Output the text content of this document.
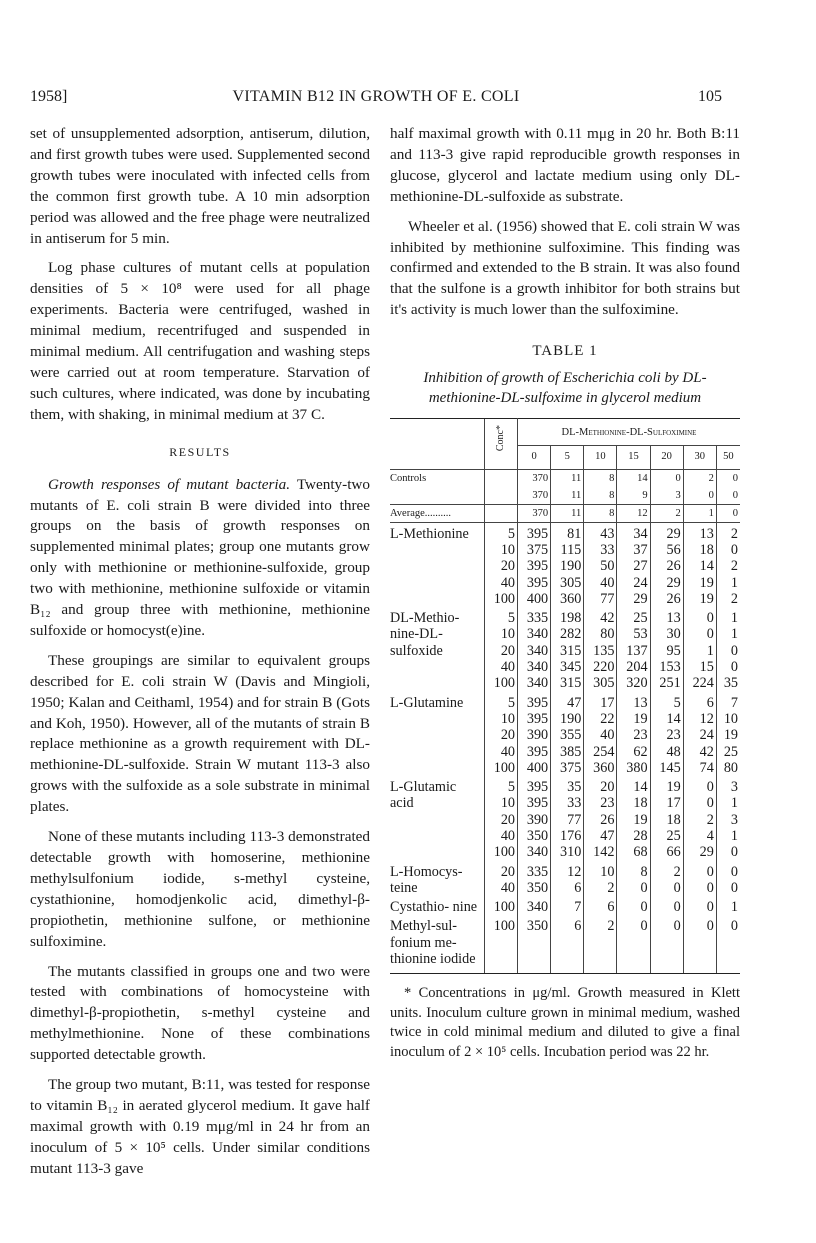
1958]	VITAMIN B12 IN GROWTH OF E. COLI	105

set of unsupplemented adsorption, antiserum, dilution, and first growth tubes were used. Supplemented second growth tubes were inoculated with infected cells from the common first growth tube. A 10 min adsorption period was allowed and the free phage were neutralized in antiserum for 5 min.

Log phase cultures of mutant cells at population densities of 5 × 10⁸ were used for all phage experiments. Bacteria were centrifuged, washed in minimal medium, recentrifuged and suspended in minimal medium. All centrifugation and washing steps were carried out at room temperature. Starvation of such cultures, where indicated, was done by incubating them, with shaking, in minimal medium at 37 C.

RESULTS

Growth responses of mutant bacteria. Twenty-two mutants of E. coli strain B were divided into three groups on the basis of growth responses on supplemented minimal plates; group one mutants grow only with methionine or methionine-sulfoxide, group two with methionine, methionine sulfoxide or vitamin B₁₂ and group three with methionine, methionine sulfoxide or homocyst(e)ine.

These groupings are similar to equivalent groups described for E. coli strain W (Davis and Mingioli, 1950; Kalan and Ceithaml, 1954) and for strain B (Gots and Koh, 1950). However, all of the mutants of strain B replace methionine as a growth requirement with DL-methionine-DL-sulfoxide. Strain W mutant 113-3 also grows with the sulfoxide as a sole substrate in minimal plates.

None of these mutants including 113-3 demonstrated detectable growth with homoserine, methionine methylsulfonium iodide, s-methyl cysteine, cystathionine, homodjenkolic acid, dimethyl-β-propiothetin, methionine sulfone, or methionine sulfoximine.

The mutants classified in groups one and two were tested with combinations of homocysteine with dimethyl-β-propiothetin, s-methyl cysteine and methylmethionine. None of these combinations supported detectable growth.

The group two mutant, B:11, was tested for response to vitamin B₁₂ in aerated glycerol medium. It gave half maximal growth with 0.19 mμg/ml in 24 hr from an inoculum of 5 × 10⁵ cells. Under similar conditions mutant 113-3 gave

half maximal growth with 0.11 mμg in 20 hr. Both B:11 and 113-3 give rapid reproducible growth responses in glucose, glycerol and lactate medium using only DL-methionine-DL-sulfoxide as substrate.

Wheeler et al. (1956) showed that E. coli strain W was inhibited by methionine sulfoximine. This finding was confirmed and extended to the B strain. It was also found that the sulfone is a growth inhibitor for both strains but it's activity is much lower than the sulfoximine.

TABLE 1
Inhibition of growth of Escherichia coli by DL-methionine-DL-sulfoxime in glycerol medium
	Conc*	DL-Methionine-DL-Sulfoximine						
		0	5	10	15	20	30	50
Controls		370	11	8	14	0	2	0
		370	11	8	9	3	0	0
Average..........		370	11	8	12	2	1	0
L-Methionine	5	395	81	43	34	29	13	2
	10	375	115	33	37	56	18	0
	20	395	190	50	27	26	14	2
	40	395	305	40	24	29	19	1
	100	400	360	77	29	26	19	2
DL-Methio- nine-DL- sulfoxide	5	335	198	42	25	13	0	1
	10	340	282	80	53	30	0	1
	20	340	315	135	137	95	1	0
	40	340	345	220	204	153	15	0
	100	340	315	305	320	251	224	35
L-Glutamine	5	395	47	17	13	5	6	7
	10	395	190	22	19	14	12	10
	20	390	355	40	23	23	24	19
	40	395	385	254	62	48	42	25
	100	400	375	360	380	145	74	80
L-Glutamic acid	5	395	35	20	14	19	0	3
	10	395	33	23	18	17	0	1
	20	390	77	26	19	18	2	3
	40	350	176	47	28	25	4	1
	100	340	310	142	68	66	29	0
L-Homocys- teine	20	335	12	10	8	2	0	0
	40	350	6	2	0	0	0	0
Cystathio- nine	100	340	7	6	0	0	0	1
Methyl-sul- fonium me- thionine iodide	100	350	6	2	0	0	0	0

* Concentrations in μg/ml. Growth measured in Klett units. Inoculum culture grown in minimal medium, washed twice in cold minimal medium and diluted to give a final inoculum of 2 × 10⁵ cells. Incubation period was 22 hr.
